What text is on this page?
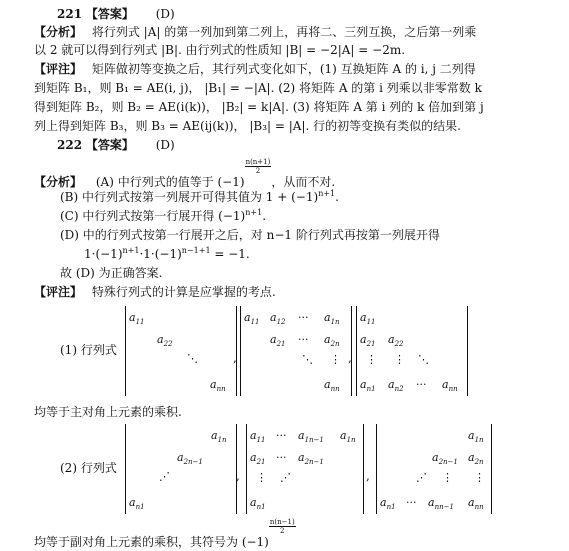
221 【答案】 (D)
【分析】 将行列式 |A| 的第一列加到第二列上，再将二、三列互换，之后第一列乘
以 2 就可以得到行列式 |B|. 由行列式的性质知 |B| = −2|A| = −2m.
【评注】 矩阵做初等变换之后，其行列式变化如下，(1) 互换矩阵 A 的 i, j 二列得
到矩阵 B₁，则 B₁ = AE(i, j)， |B₁| = −|A|. (2) 将矩阵 A 的第 i 列乘以非零常数 k
得到矩阵 B₂，则 B₂ = AE(i(k))， |B₂| = k|A|. (3) 将矩阵 A 第 i 列的 k 倍加到第 j
列上得到矩阵 B₃，则 B₃ = AE(ij(k))， |B₃| = |A|. 行的初等变换有类似的结果.
222 【答案】 (D)
【分析】 (A) 中行列式的值等于 (−1)
$\frac{n(n+1)}{2}$
，从而不对.
(B) 中行列式按第一列展开可得其值为 $1 + (-1)^{n+1}$.
(C) 中行列式按第一行展开得 $(-1)^{n+1}$.
(D) 中的行列式按第一行展开之后，对 n−1 阶行列式再按第一列展开得
$1\cdot(-1)^{n+1}\cdot 1\cdot(-1)^{n-1+1} = -1$.
故 (D) 为正确答案.
【评注】 特殊行列式的计算是应掌握的考点.
(1) 行列式
$a_{11}$
$a_{22}$
⋱
$a_{nn}$
,
$a_{11}$ $a_{12}$ ··· $a_{1n}$
$a_{21}$ ··· $a_{2n}$
⋱ ⋮
$a_{nn}$
,
$a_{11}$
$a_{21}$ $a_{22}$
⋮ ⋮ ⋱
$a_{n1}$ $a_{n2}$ ··· $a_{nn}$
均等于主对角上元素的乘积.
(2) 行列式
$a_{1n}$
$a_{2n-1}$
⋰
$a_{n1}$
,
$a_{11}$ ··· $a_{1n-1}$ $a_{1n}$
$a_{21}$ ··· $a_{2n-1}$
⋮ ⋰
$a_{n1}$
,
$a_{1n}$
$a_{2n-1}$ $a_{2n}$
⋰ ⋮ ⋮
$a_{n1}$ ··· $a_{nn-1}$ $a_{nn}$
均等于副对角上元素的乘积，其符号为 (−1)
$\frac{n(n-1)}{2}$
